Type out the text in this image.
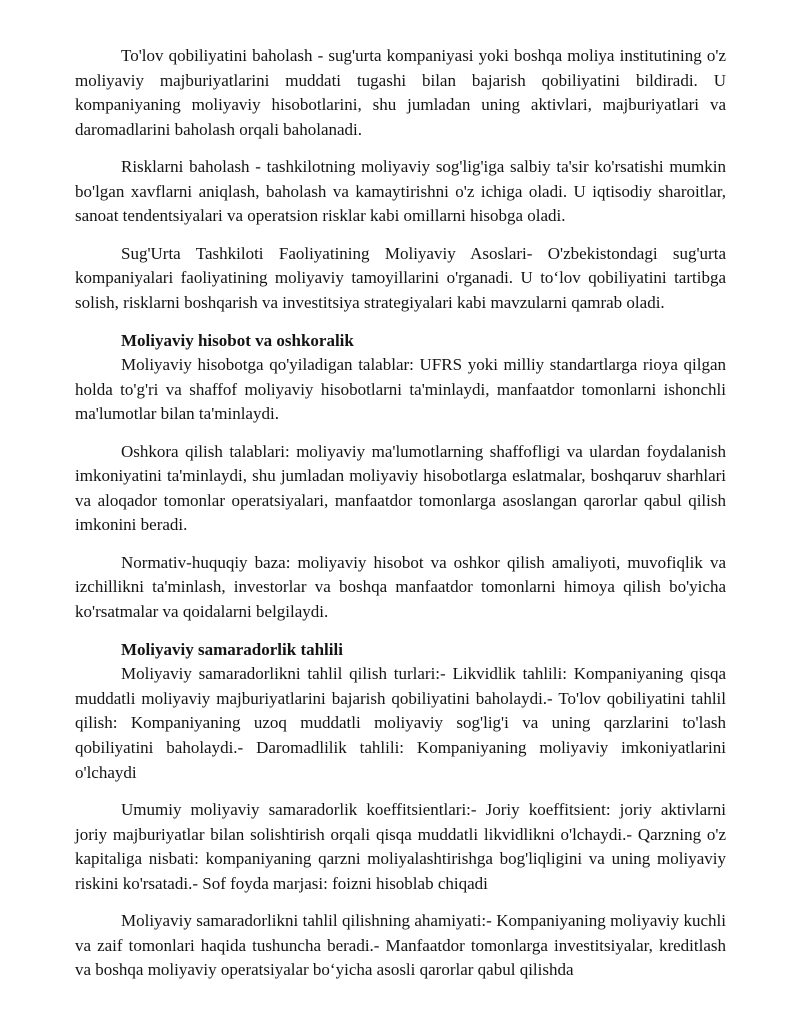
To'lov qobiliyatini baholash - sug'urta kompaniyasi yoki boshqa moliya institutining o'z moliyaviy majburiyatlarini muddati tugashi bilan bajarish qobiliyatini bildiradi. U kompaniyaning moliyaviy hisobotlarini, shu jumladan uning aktivlari, majburiyatlari va daromadlarini baholash orqali baholanadi.

Risklarni baholash - tashkilotning moliyaviy sog'lig'iga salbiy ta'sir ko'rsatishi mumkin bo'lgan xavflarni aniqlash, baholash va kamaytirishni o'z ichiga oladi. U iqtisodiy sharoitlar, sanoat tendentsiyalari va operatsion risklar kabi omillarni hisobga oladi.

Sug'Urta Tashkiloti Faoliyatining Moliyaviy Asoslari- O'zbekistondagi sug'urta kompaniyalari faoliyatining moliyaviy tamoyillarini o'rganadi. U to‘lov qobiliyatini tartibga solish, risklarni boshqarish va investitsiya strategiyalari kabi mavzularni qamrab oladi.

Moliyaviy hisobot va oshkoralik

Moliyaviy hisobotga qo'yiladigan talablar: UFRS yoki milliy standartlarga rioya qilgan holda to'g'ri va shaffof moliyaviy hisobotlarni ta'minlaydi, manfaatdor tomonlarni ishonchli ma'lumotlar bilan ta'minlaydi.

Oshkora qilish talablari: moliyaviy ma'lumotlarning shaffofligi va ulardan foydalanish imkoniyatini ta'minlaydi, shu jumladan moliyaviy hisobotlarga eslatmalar, boshqaruv sharhlari va aloqador tomonlar operatsiyalari, manfaatdor tomonlarga asoslangan qarorlar qabul qilish imkonini beradi.

Normativ-huquqiy baza: moliyaviy hisobot va oshkor qilish amaliyoti, muvofiqlik va izchillikni ta'minlash, investorlar va boshqa manfaatdor tomonlarni himoya qilish bo'yicha ko'rsatmalar va qoidalarni belgilaydi.

Moliyaviy samaradorlik tahlili

Moliyaviy samaradorlikni tahlil qilish turlari:- Likvidlik tahlili: Kompaniyaning qisqa muddatli moliyaviy majburiyatlarini bajarish qobiliyatini baholaydi.- To'lov qobiliyatini tahlil qilish: Kompaniyaning uzoq muddatli moliyaviy sog'lig'i va uning qarzlarini to'lash qobiliyatini baholaydi.- Daromadlilik tahlili: Kompaniyaning moliyaviy imkoniyatlarini o'lchaydi

Umumiy moliyaviy samaradorlik koeffitsientlari:- Joriy koeffitsient: joriy aktivlarni joriy majburiyatlar bilan solishtirish orqali qisqa muddatli likvidlikni o'lchaydi.- Qarzning o'z kapitaliga nisbati: kompaniyaning qarzni moliyalashtirishga bog'liqligini va uning moliyaviy riskini ko'rsatadi.- Sof foyda marjasi: foizni hisoblab chiqadi

Moliyaviy samaradorlikni tahlil qilishning ahamiyati:- Kompaniyaning moliyaviy kuchli va zaif tomonlari haqida tushuncha beradi.- Manfaatdor tomonlarga investitsiyalar, kreditlash va boshqa moliyaviy operatsiyalar bo‘yicha asosli qarorlar qabul qilishda
